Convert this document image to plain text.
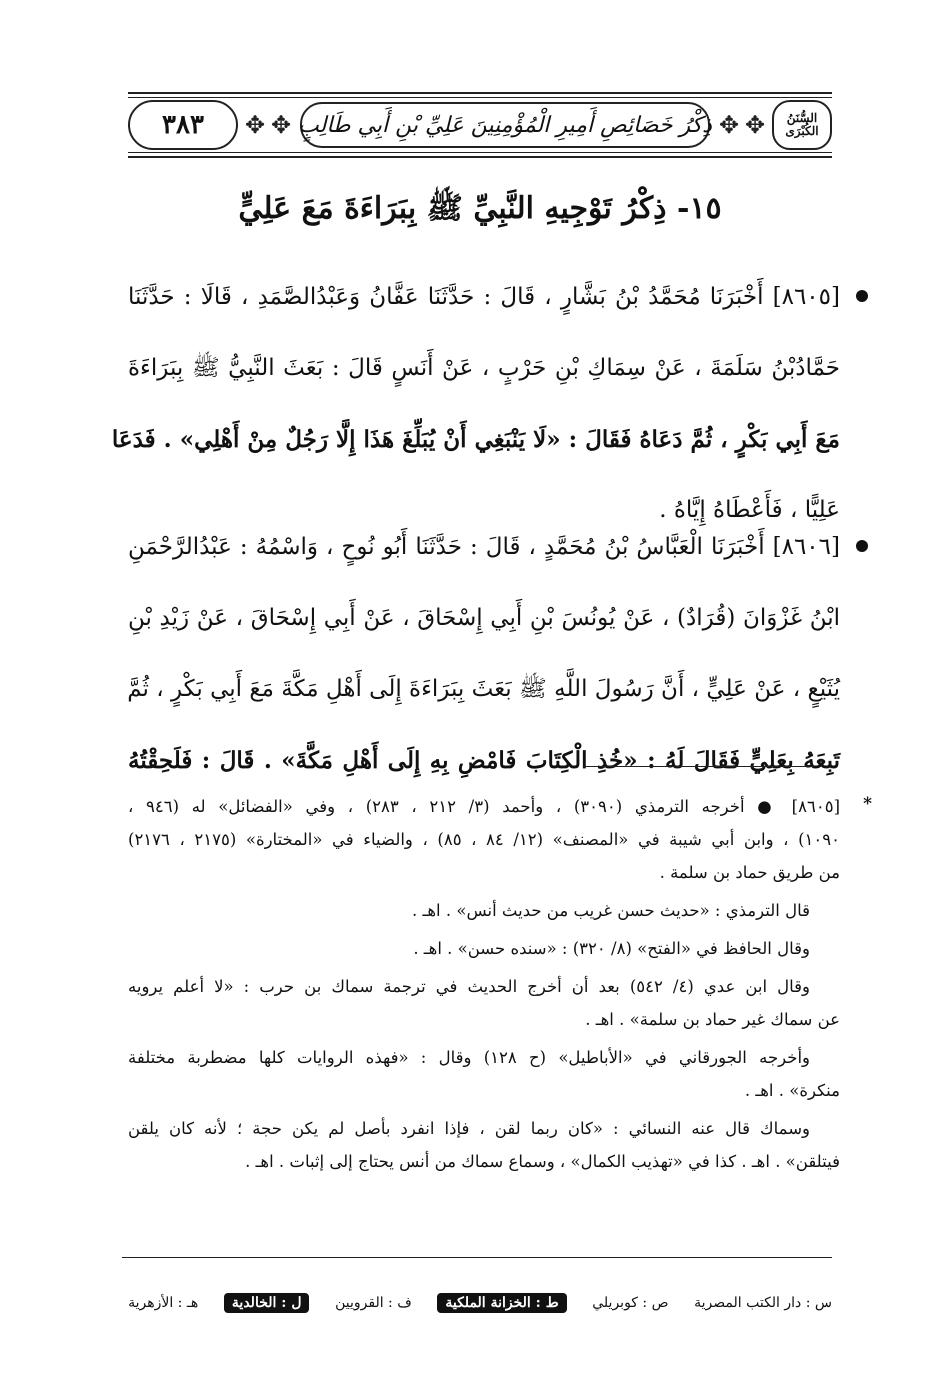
السُّنَنُ الكُبْرَى
✥
✥
ذِكْرُ خَصَائِصِ أَمِيرِ الْمُؤْمِنِينَ عَلِيِّ بْنِ أَبِي طَالِبٍ
✥ ✥
٣٨٣
١٥- ذِكْرُ تَوْجِيهِ النَّبِيِّ ﷺ بِبَرَاءَةَ مَعَ عَلِيٍّ
[٨٦٠٥] أَخْبَرَنَا مُحَمَّدُ بْنُ بَشَّارٍ ، قَالَ : حَدَّثَنَا عَفَّانُ وَعَبْدُالصَّمَدِ ، قَالَا : حَدَّثَنَا
حَمَّادُبْنُ سَلَمَةَ ، عَنْ سِمَاكِ بْنِ حَرْبٍ ، عَنْ أَنَسٍ قَالَ : بَعَثَ النَّبِيُّ ﷺ بِبَرَاءَةَ
مَعَ أَبِي بَكْرٍ ، ثُمَّ دَعَاهُ فَقَالَ : «لَا يَنْبَغِي أَنْ يُبَلِّغَ هَذَا إِلَّا رَجُلٌ مِنْ أَهْلِي» . فَدَعَا
عَلِيًّا ، فَأَعْطَاهُ إِيَّاهُ .
[٨٦٠٦] أَخْبَرَنَا الْعَبَّاسُ بْنُ مُحَمَّدٍ ، قَالَ : حَدَّثَنَا أَبُو نُوحٍ ، وَاسْمُهُ : عَبْدُالرَّحْمَنِ
ابْنُ غَزْوَانَ (قُرَادٌ) ، عَنْ يُونُسَ بْنِ أَبِي إِسْحَاقَ ، عَنْ أَبِي إِسْحَاقَ ، عَنْ زَيْدِ بْنِ
يُثَيْعٍ ، عَنْ عَلِيٍّ ، أَنَّ رَسُولَ اللَّهِ ﷺ بَعَثَ بِبَرَاءَةَ إِلَى أَهْلِ مَكَّةَ مَعَ أَبِي بَكْرٍ ، ثُمَّ
تَبِعَهُ بِعَلِيٍّ فَقَالَ لَهُ : «خُذِ الْكِتَابَ فَامْضِ بِهِ إِلَى أَهْلِ مَكَّةَ» . قَالَ : فَلَحِقْتُهُ
*
[٨٦٠٥] ● أخرجه الترمذي (٣٠٩٠) ، وأحمد (٣/ ٢١٢ ، ٢٨٣) ، وفي «الفضائل» له (٩٤٦ ،
١٠٩٠) ، وابن أبي شيبة في «المصنف» (١٢/ ٨٤ ، ٨٥) ، والضياء في «المختارة» (٢١٧٥ ، ٢١٧٦)
من طريق حماد بن سلمة .
قال الترمذي : «حديث حسن غريب من حديث أنس» . اهـ .
وقال الحافظ في «الفتح» (٨/ ٣٢٠) : «سنده حسن» . اهـ .
وقال ابن عدي (٤/ ٥٤٢) بعد أن أخرج الحديث في ترجمة سماك بن حرب : «لا أعلم يرويه
عن سماك غير حماد بن سلمة» . اهـ .
وأخرجه الجورقاني في «الأباطيل» (ح ١٢٨) وقال : «فهذه الروايات كلها مضطربة مختلفة
منكرة» . اهـ .
وسماك قال عنه النسائي : «كان ربما لقن ، فإذا انفرد بأصل لم يكن حجة ؛ لأنه كان يلقن
فيتلقن» . اهـ . كذا في «تهذيب الكمال» ، وسماع سماك من أنس يحتاج إلى إثبات . اهـ .
س : دار الكتب المصرية
ص : كوبريلي
ط : الخزانة الملكية
ف : القرويين
ل : الخالدية
هـ : الأزهرية
